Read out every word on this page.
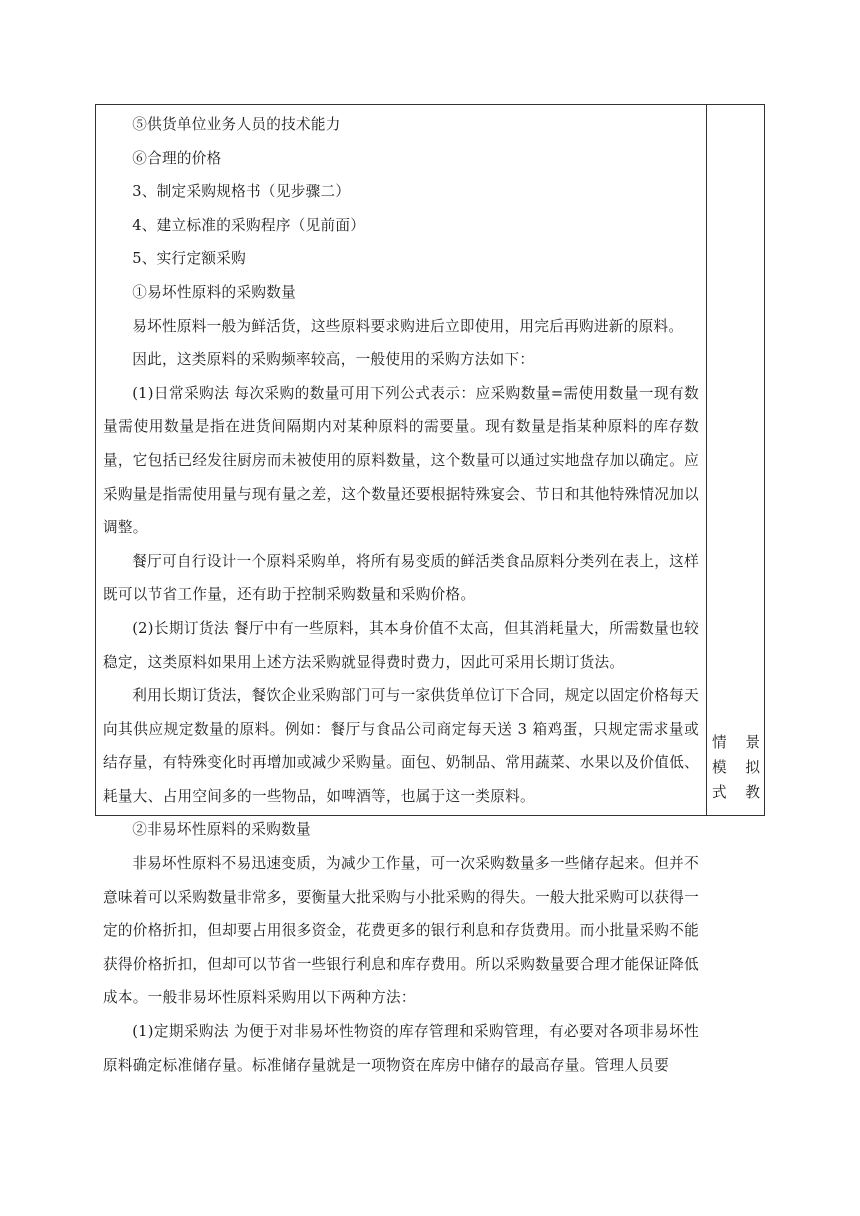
⑤供货单位业务人员的技术能力

⑥合理的价格

3、制定采购规格书（见步骤二）

4、建立标准的采购程序（见前面）

5、实行定额采购

①易坏性原料的采购数量

易坏性原料一般为鲜活货，这些原料要求购进后立即使用，用完后再购进新的原料。

因此，这类原料的采购频率较高，一般使用的采购方法如下：

(1)日常采购法 每次采购的数量可用下列公式表示：应采购数量=需使用数量一现有数量需使用数量是指在进货间隔期内对某种原料的需要量。现有数量是指某种原料的库存数量，它包括已经发往厨房而未被使用的原料数量，这个数量可以通过实地盘存加以确定。应采购量是指需使用量与现有量之差，这个数量还要根据特殊宴会、节日和其他特殊情况加以调整。

餐厅可自行设计一个原料采购单，将所有易变质的鲜活类食品原料分类列在表上，这样既可以节省工作量，还有助于控制采购数量和采购价格。

(2)长期订货法 餐厅中有一些原料，其本身价值不太高，但其消耗量大，所需数量也较稳定，这类原料如果用上述方法采购就显得费时费力，因此可采用长期订货法。

利用长期订货法，餐饮企业采购部门可与一家供货单位订下合同，规定以固定价格每天向其供应规定数量的原料。例如：餐厅与食品公司商定每天送 3 箱鸡蛋，只规定需求量或结存量，有特殊变化时再增加或减少采购量。面包、奶制品、常用蔬菜、水果以及价值低、耗量大、占用空间多的一些物品，如啤酒等，也属于这一类原料。

②非易坏性原料的采购数量

非易坏性原料不易迅速变质，为减少工作量，可一次采购数量多一些储存起来。但并不意味着可以采购数量非常多，要衡量大批采购与小批采购的得失。一般大批采购可以获得一定的价格折扣，但却要占用很多资金，花费更多的银行利息和存货费用。而小批量采购不能获得价格折扣，但却可以节省一些银行利息和库存费用。所以采购数量要合理才能保证降低成本。一般非易坏性原料采购用以下两种方法：

(1)定期采购法 为便于对非易坏性物资的库存管理和采购管理，有必要对各项非易坏性原料确定标准储存量。标准储存量就是一项物资在库房中储存的最高存量。管理人员要

情 景
模 拟
式 教
